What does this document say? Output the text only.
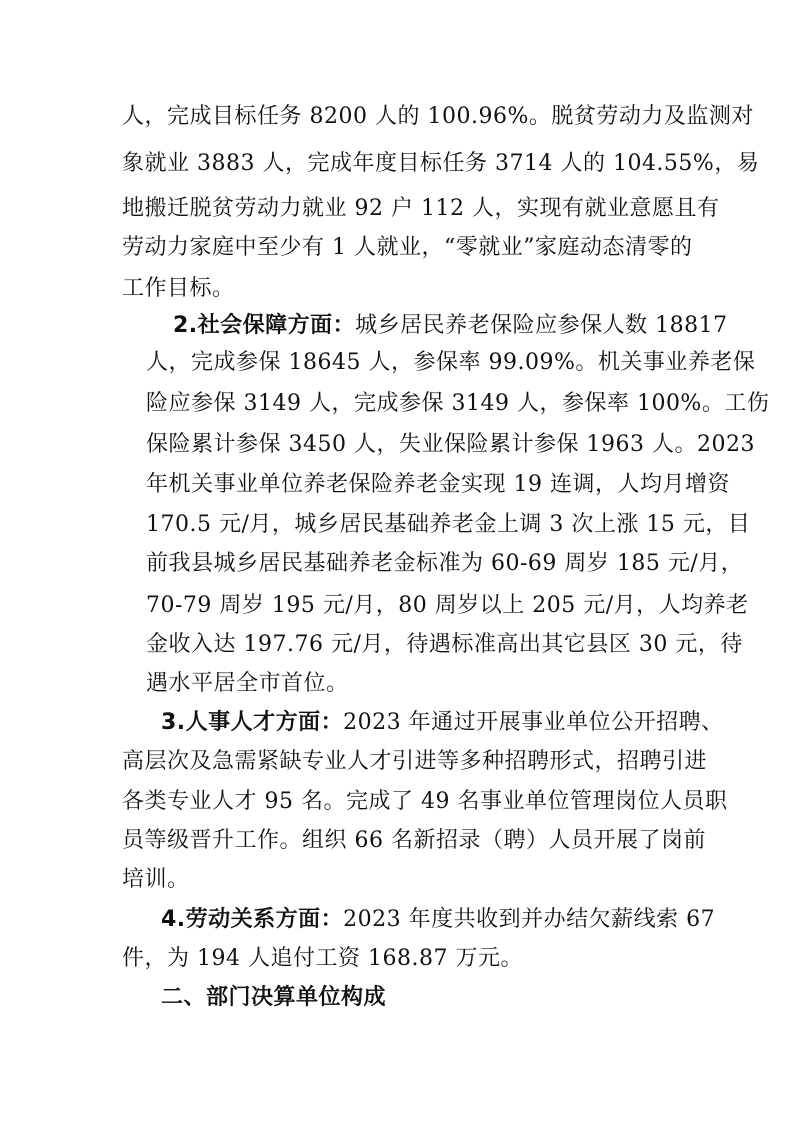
人，完成目标任务 8200 人的 100.96%。脱贫劳动力及监测对
象就业 3883 人，完成年度目标任务 3714 人的 104.55%，易
地搬迁脱贫劳动力就业 92 户 112 人，实现有就业意愿且有
劳动力家庭中至少有 1 人就业，“零就业”家庭动态清零的
工作目标。
2.社会保障方面：城乡居民养老保险应参保人数 18817
人，完成参保 18645 人，参保率 99.09%。机关事业养老保
险应参保 3149 人，完成参保 3149 人，参保率 100%。工伤
保险累计参保 3450 人，失业保险累计参保 1963 人。2023
年机关事业单位养老保险养老金实现 19 连调，人均月增资
170.5 元/月，城乡居民基础养老金上调 3 次上涨 15 元，目
前我县城乡居民基础养老金标准为 60-69 周岁 185 元/月，
70-79 周岁 195 元/月，80 周岁以上 205 元/月，人均养老
金收入达 197.76 元/月，待遇标准高出其它县区 30 元，待
遇水平居全市首位。
3.人事人才方面：2023 年通过开展事业单位公开招聘、
高层次及急需紧缺专业人才引进等多种招聘形式，招聘引进
各类专业人才 95 名。完成了 49 名事业单位管理岗位人员职
员等级晋升工作。组织 66 名新招录（聘）人员开展了岗前
培训。
4.劳动关系方面：2023 年度共收到并办结欠薪线索 67
件，为 194 人追付工资 168.87 万元。
二、部门决算单位构成
